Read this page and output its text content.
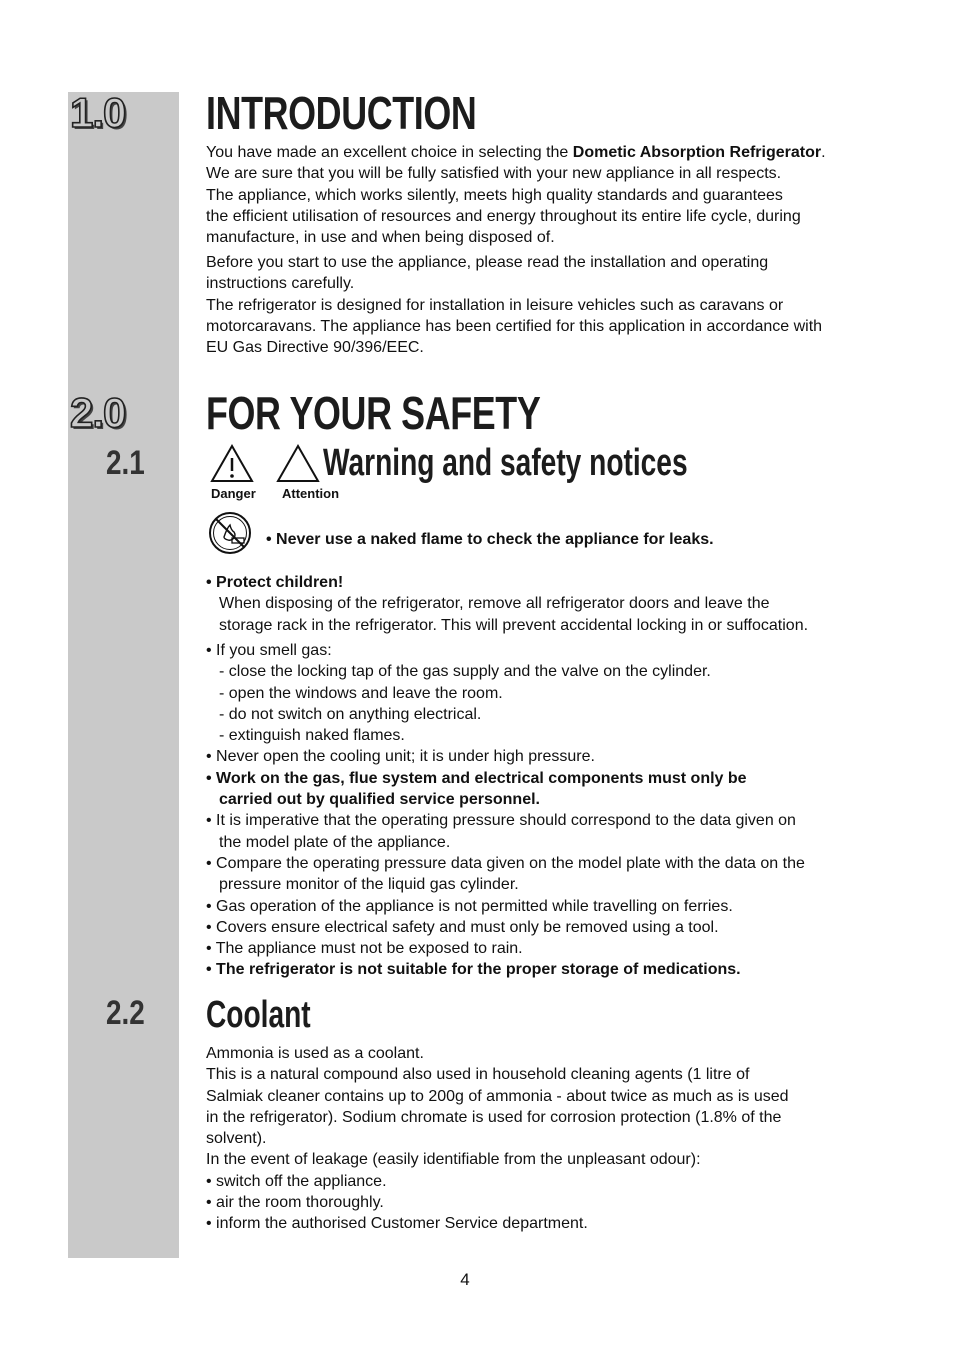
1.0 INTRODUCTION
You have made an excellent choice in selecting the Dometic Absorption Refrigerator.
We are sure that you will be fully satisfied with your new appliance in all respects.
The appliance, which works silently, meets high quality standards and guarantees
the efficient utilisation of resources and energy throughout its entire life cycle, during
manufacture, in use and when being disposed of.
Before you start to use the appliance, please read the installation and operating
instructions carefully.
The refrigerator is designed for installation in leisure vehicles such as caravans or
motorcaravans. The appliance has been certified for this application in accordance with
EU Gas Directive 90/396/EEC.
2.0 FOR YOUR SAFETY
2.1	Warning and safety notices
Danger Attention
• Never use a naked flame to check the appliance for leaks.
• Protect children!
When disposing of the refrigerator, remove all refrigerator doors and leave the
storage rack in the refrigerator. This will prevent accidental locking in or suffocation.
• If you smell gas:
- close the locking tap of the gas supply and the valve on the cylinder.
- open the windows and leave the room.
- do not switch on anything electrical.
- extinguish naked flames.
• Never open the cooling unit; it is under high pressure.
• Work on the gas, flue system and electrical components must only be
carried out by qualified service personnel.
• It is imperative that the operating pressure should correspond to the data given on
the model plate of the appliance.
• Compare the operating pressure data given on the model plate with the data on the
pressure monitor of the liquid gas cylinder.
• Gas operation of the appliance is not permitted while travelling on ferries.
• Covers ensure electrical safety and must only be removed using a tool.
• The appliance must not be exposed to rain.
• The refrigerator is not suitable for the proper storage of medications.
2.2 Coolant
Ammonia is used as a coolant.
This is a natural compound also used in household cleaning agents (1 litre of
Salmiak cleaner contains up to 200g of ammonia - about twice as much as is used
in the refrigerator). Sodium chromate is used for corrosion protection (1.8% of the
solvent).
In the event of leakage (easily identifiable from the unpleasant odour):
• switch off the appliance.
• air the room thoroughly.
• inform the authorised Customer Service department.
4
